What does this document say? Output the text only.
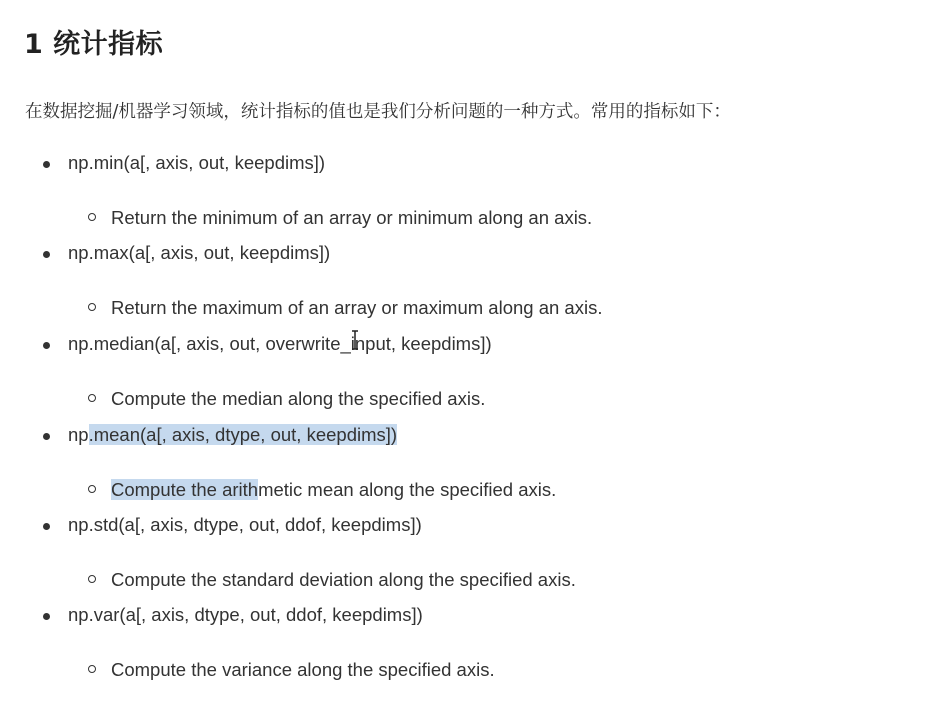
1 统计指标

在数据挖掘/机器学习领域，统计指标的值也是我们分析问题的一种方式。常用的指标如下：

np.min(a[, axis, out, keepdims])
Return the minimum of an array or minimum along an axis.
np.max(a[, axis, out, keepdims])
Return the maximum of an array or maximum along an axis.
np.median(a[, axis, out, overwrite_input, keepdims])
Compute the median along the specified axis.
np.mean(a[, axis, dtype, out, keepdims])
Compute the arithmetic mean along the specified axis.
np.std(a[, axis, dtype, out, ddof, keepdims])
Compute the standard deviation along the specified axis.
np.var(a[, axis, dtype, out, ddof, keepdims])
Compute the variance along the specified axis.
